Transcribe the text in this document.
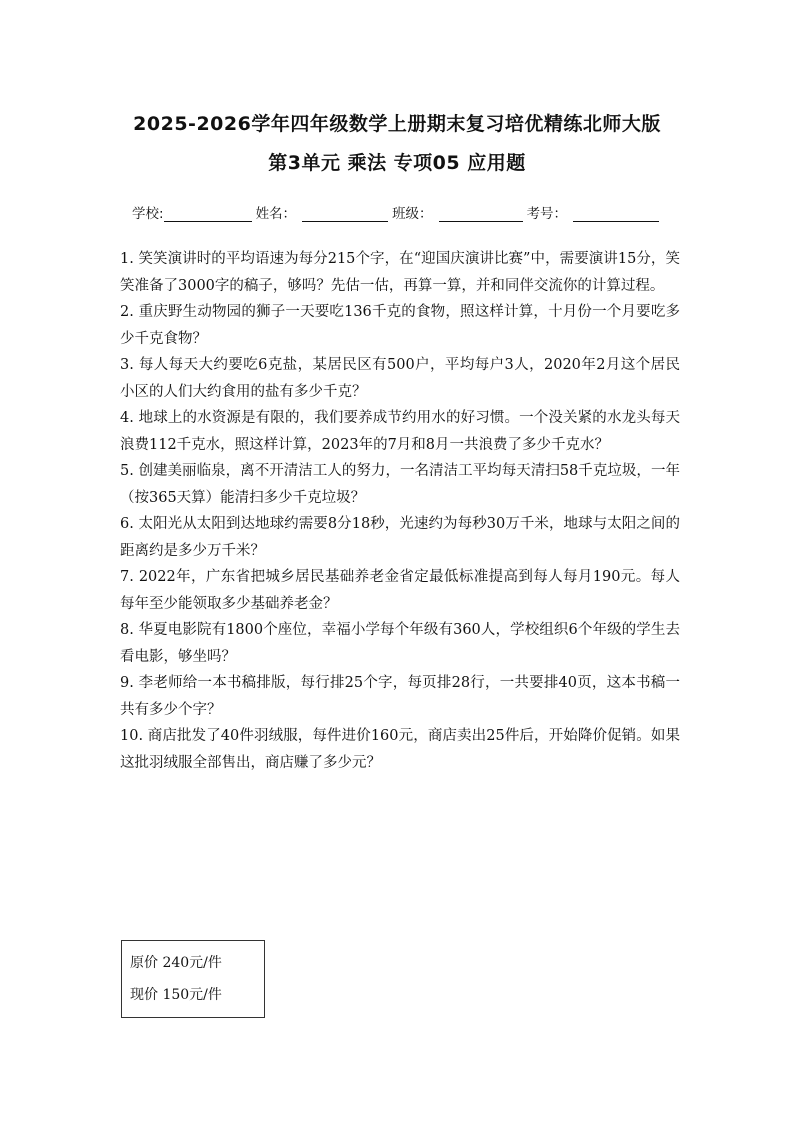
2025-2026学年四年级数学上册期末复习培优精练北师大版
第3单元 乘法 专项05 应用题
学校:	姓名：	班级：	考号：

1. 笑笑演讲时的平均语速为每分215个字，在“迎国庆演讲比赛”中，需要演讲15分，笑笑准备了3000字的稿子，够吗？先估一估，再算一算，并和同伴交流你的计算过程。

2. 重庆野生动物园的狮子一天要吃136千克的食物，照这样计算，十月份一个月要吃多少千克食物？

3. 每人每天大约要吃6克盐，某居民区有500户，平均每户3人，2020年2月这个居民小区的人们大约食用的盐有多少千克？

4. 地球上的水资源是有限的，我们要养成节约用水的好习惯。一个没关紧的水龙头每天浪费112千克水，照这样计算，2023年的7月和8月一共浪费了多少千克水？

5. 创建美丽临泉，离不开清洁工人的努力，一名清洁工平均每天清扫58千克垃圾，一年（按365天算）能清扫多少千克垃圾？

6. 太阳光从太阳到达地球约需要8分18秒，光速约为每秒30万千米，地球与太阳之间的距离约是多少万千米？

7. 2022年，广东省把城乡居民基础养老金省定最低标准提高到每人每月190元。每人每年至少能领取多少基础养老金？

8. 华夏电影院有1800个座位，幸福小学每个年级有360人，学校组织6个年级的学生去看电影，够坐吗？

9. 李老师给一本书稿排版，每行排25个字，每页排28行，一共要排40页，这本书稿一共有多少个字？

10. 商店批发了40件羽绒服，每件进价160元，商店卖出25件后，开始降价促销。如果这批羽绒服全部售出，商店赚了多少元？

原价 240元/件
现价 150元/件
